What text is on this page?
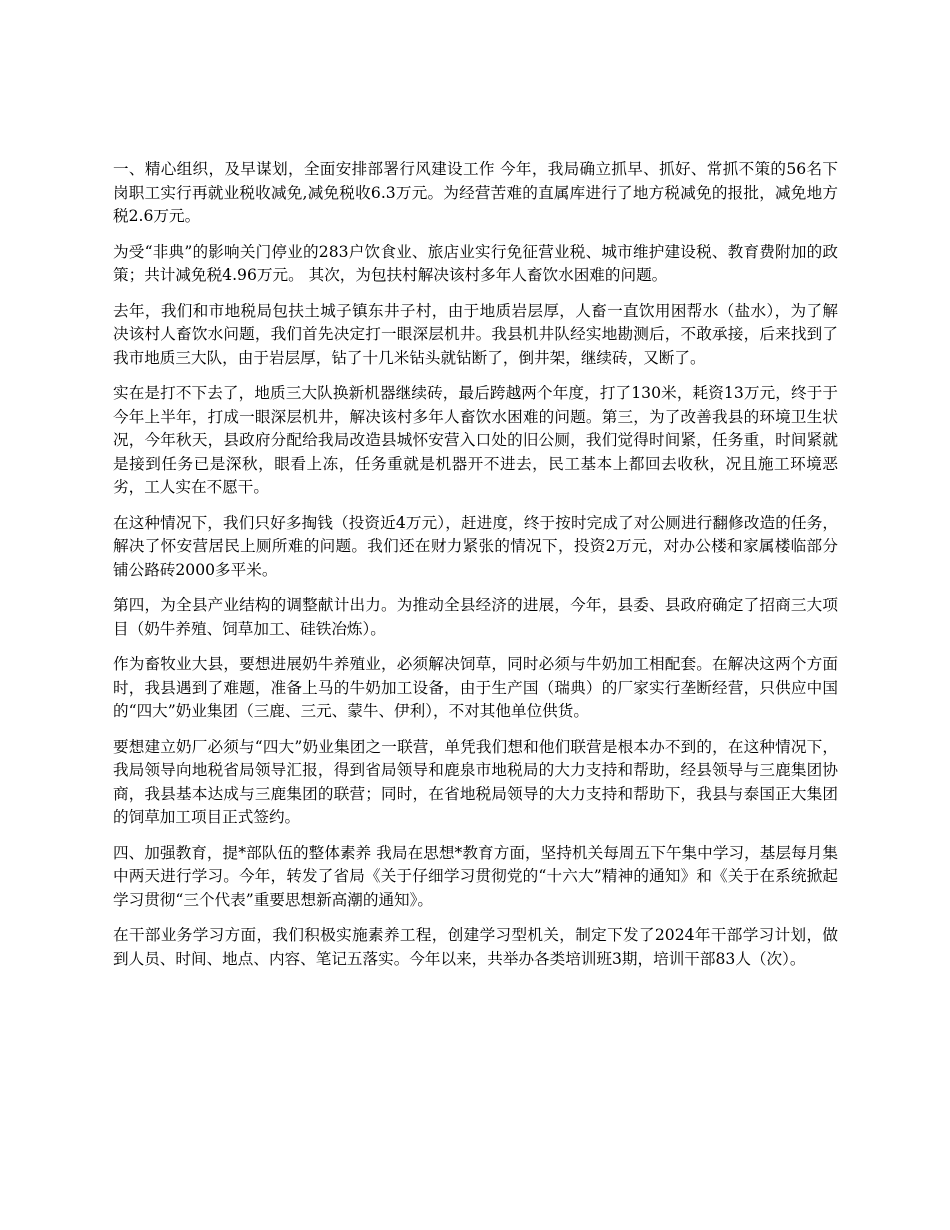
一、精心组织，及早谋划，全面安排部署行风建设工作 今年，我局确立抓早、抓好、常抓不策的56名下岗职工实行再就业税收减免,减免税收6.3万元。为经营苦难的直属库进行了地方税减免的报批，减免地方税2.6万元。

为受“非典”的影响关门停业的283户饮食业、旅店业实行免征营业税、城市维护建设税、教育费附加的政策；共计减免税4.96万元。 其次，为包扶村解决该村多年人畜饮水困难的问题。

去年，我们和市地税局包扶土城子镇东井子村，由于地质岩层厚，人畜一直饮用困帮水（盐水），为了解决该村人畜饮水问题，我们首先决定打一眼深层机井。我县机井队经实地勘测后，不敢承接，后来找到了我市地质三大队，由于岩层厚，钻了十几米钻头就钻断了，倒井架，继续砖，又断了。

实在是打不下去了，地质三大队换新机器继续砖，最后跨越两个年度，打了130米，耗资13万元，终于于今年上半年，打成一眼深层机井，解决该村多年人畜饮水困难的问题。第三，为了改善我县的环境卫生状况，今年秋天，县政府分配给我局改造县城怀安营入口处的旧公厕，我们觉得时间紧，任务重，时间紧就是接到任务已是深秋，眼看上冻，任务重就是机器开不进去，民工基本上都回去收秋，况且施工环境恶劣，工人实在不愿干。

在这种情况下，我们只好多掏钱（投资近4万元），赶进度，终于按时完成了对公厕进行翻修改造的任务，解决了怀安营居民上厕所难的问题。我们还在财力紧张的情况下，投资2万元，对办公楼和家属楼临部分铺公路砖2000多平米。

第四，为全县产业结构的调整献计出力。为推动全县经济的进展，今年，县委、县政府确定了招商三大项目（奶牛养殖、饲草加工、硅铁冶炼）。

作为畜牧业大县，要想进展奶牛养殖业，必须解决饲草，同时必须与牛奶加工相配套。在解决这两个方面时，我县遇到了难题，准备上马的牛奶加工设备，由于生产国（瑞典）的厂家实行垄断经营，只供应中国的“四大”奶业集团（三鹿、三元、蒙牛、伊利），不对其他单位供货。

要想建立奶厂必须与“四大”奶业集团之一联营，单凭我们想和他们联营是根本办不到的，在这种情况下，我局领导向地税省局领导汇报，得到省局领导和鹿泉市地税局的大力支持和帮助，经县领导与三鹿集团协商，我县基本达成与三鹿集团的联营；同时，在省地税局领导的大力支持和帮助下，我县与泰国正大集团的饲草加工项目正式签约。

四、加强教育，提*部队伍的整体素养 我局在思想*教育方面，坚持机关每周五下午集中学习，基层每月集中两天进行学习。今年，转发了省局《关于仔细学习贯彻党的“十六大”精神的通知》和《关于在系统掀起学习贯彻“三个代表”重要思想新高潮的通知》。

在干部业务学习方面，我们积极实施素养工程，创建学习型机关，制定下发了2024年干部学习计划，做到人员、时间、地点、内容、笔记五落实。今年以来，共举办各类培训班3期，培训干部83人（次）。
